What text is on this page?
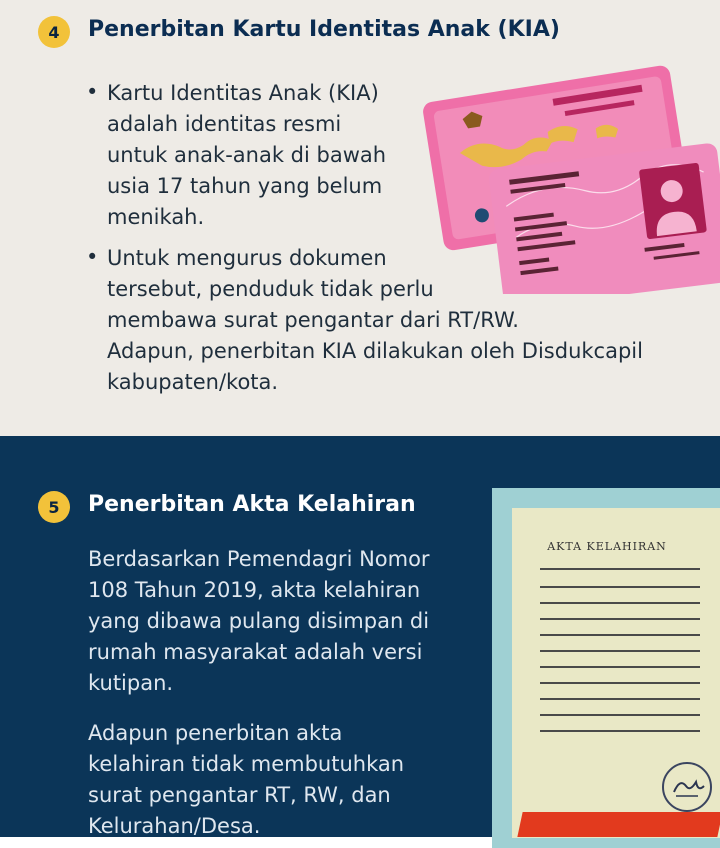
4	Penerbitan Kartu Identitas Anak (KIA)
• Kartu Identitas Anak (KIA)

adalah identitas resmi

untuk anak-anak di bawah

usia 17 tahun yang belum

menikah.

• Untuk mengurus dokumen

tersebut, penduduk tidak perlu

membawa surat pengantar dari RT/RW.

Adapun, penerbitan KIA dilakukan oleh Disdukcapil

kabupaten/kota.

5	Penerbitan Akta Kelahiran

Berdasarkan Pemendagri Nomor

108 Tahun 2019, akta kelahiran

yang dibawa pulang disimpan di

rumah masyarakat adalah versi

kutipan.

Adapun penerbitan akta

kelahiran tidak membutuhkan

surat pengantar RT, RW, dan

Kelurahan/Desa.

AKTA KELAHIRAN
